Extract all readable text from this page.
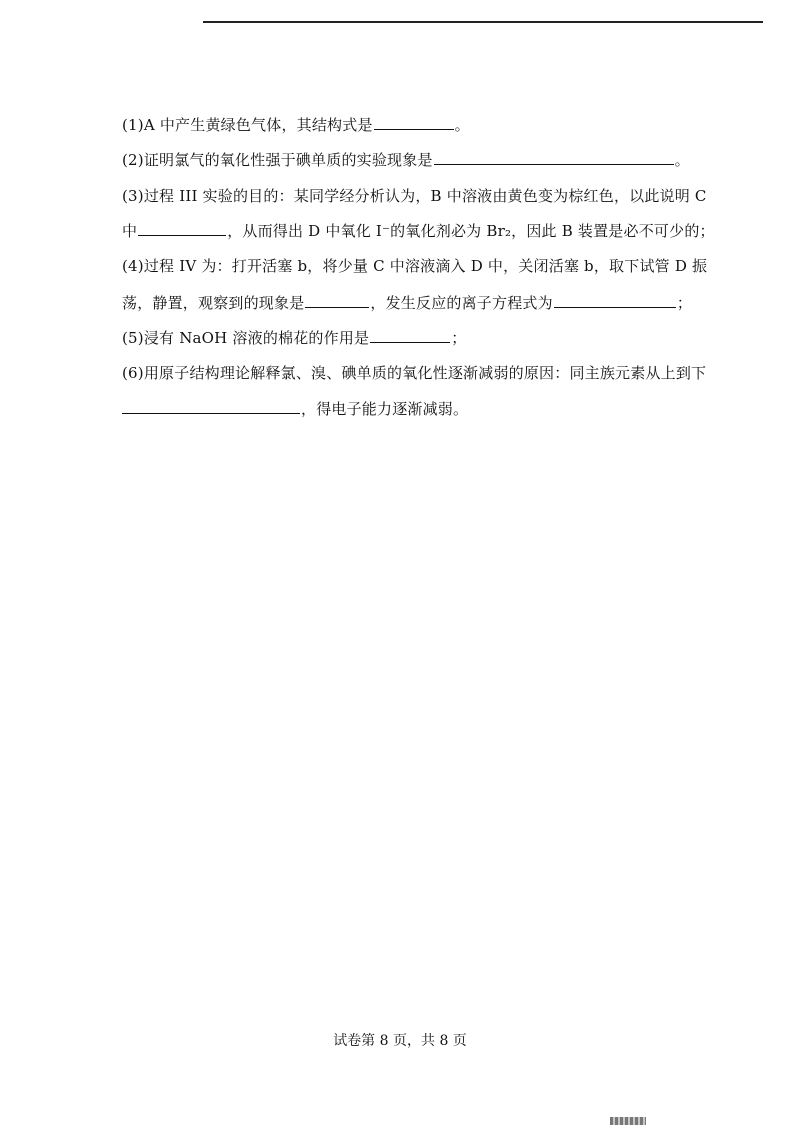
(1)A 中产生黄绿色气体，其结构式是	。
(2)证明氯气的氧化性强于碘单质的实验现象是	。
(3)过程 III 实验的目的：某同学经分析认为，B 中溶液由黄色变为棕红色，以此说明 C
中	，从而得出 D 中氧化 I⁻的氧化剂必为 Br₂，因此 B 装置是必不可少的；
(4)过程 IV 为：打开活塞 b，将少量 C 中溶液滴入 D 中，关闭活塞 b，取下试管 D 振
荡，静置，观察到的现象是	，发生反应的离子方程式为	；
(5)浸有 NaOH 溶液的棉花的作用是	；
(6)用原子结构理论解释氯、溴、碘单质的氧化性逐渐减弱的原因：同主族元素从上到下
，得电子能力逐渐减弱。
试卷第 8 页，共 8 页
